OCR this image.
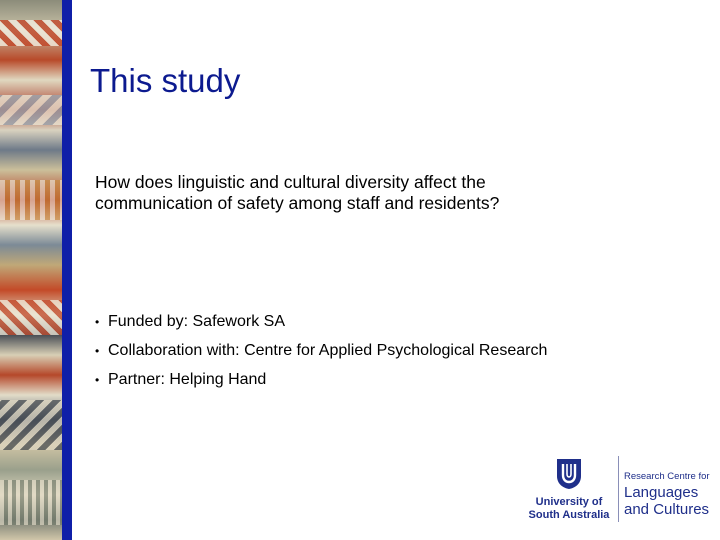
This study

How does linguistic and cultural diversity affect the communication of safety among staff and residents?

• Funded by: Safework SA
• Collaboration with: Centre for Applied Psychological Research
• Partner: Helping Hand
University of
South Australia
Research Centre for
Languages
and Cultures
